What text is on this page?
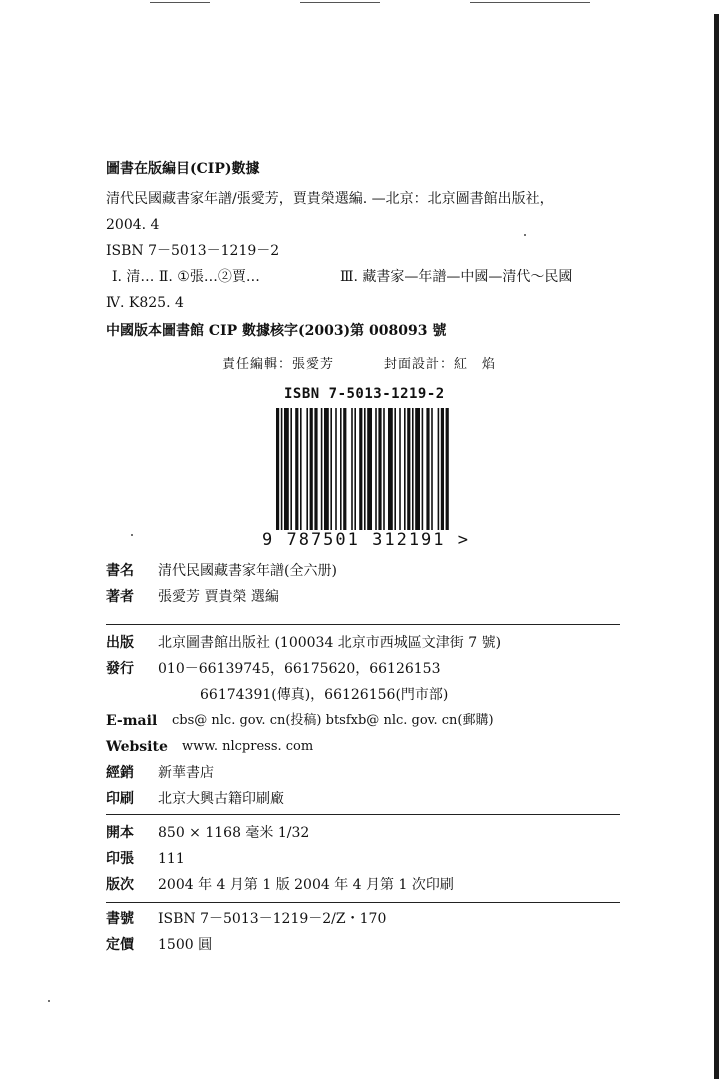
圖書在版編目(CIP)數據
清代民國藏書家年譜/張愛芳，賈貴榮選編. —北京：北京圖書館出版社，
2004. 4
ISBN 7－5013－1219－2
Ⅰ. 清… Ⅱ. ①張…②賈…	Ⅲ. 藏書家—年譜—中國—清代～民國
Ⅳ. K825. 4
中國版本圖書館 CIP 數據核字(2003)第 008093 號
責任編輯：張愛芳	封面設計：紅　焰
ISBN 7-5013-1219-2
9 787501 312191 >
書名 清代民國藏書家年譜(全六册)
著者 張愛芳 賈貴榮 選編
出版 北京圖書館出版社 (100034 北京市西城區文津街 7 號)
發行 010－66139745，66175620，66126153
66174391(傳真)，66126156(門市部)
E-mail cbs@ nlc. gov. cn(投稿) btsfxb@ nlc. gov. cn(郵購)
Website www. nlcpress. com
經銷 新華書店
印刷 北京大興古籍印刷廠
開本 850 × 1168 毫米 1/32
印張 111
版次 2004 年 4 月第 1 版 2004 年 4 月第 1 次印刷
書號 ISBN 7－5013－1219－2/Z・170
定價 1500 圓
